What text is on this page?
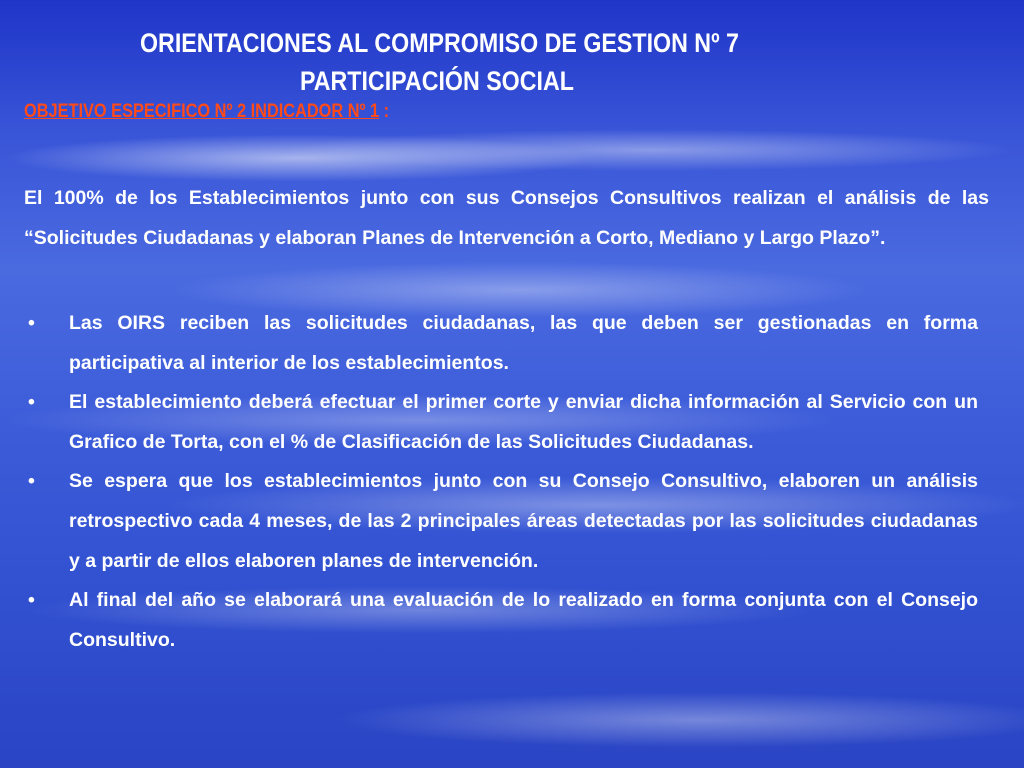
ORIENTACIONES AL COMPROMISO DE GESTION Nº 7
PARTICIPACIÓN SOCIAL
OBJETIVO ESPECIFICO Nº 2 INDICADOR Nº 1 :
El 100% de los Establecimientos junto con sus Consejos Consultivos realizan el análisis de las “Solicitudes Ciudadanas y elaboran Planes de Intervención a Corto, Mediano y Largo Plazo”.
•	Las OIRS reciben las solicitudes ciudadanas, las que deben ser gestionadas en forma participativa al interior de los establecimientos.
•	El establecimiento deberá efectuar el primer corte y enviar dicha información al Servicio con un Grafico de Torta, con el % de Clasificación de las Solicitudes Ciudadanas.
•	Se espera que los establecimientos junto con su Consejo Consultivo, elaboren un análisis retrospectivo cada 4 meses, de las 2 principales áreas detectadas por las solicitudes ciudadanas y a partir de ellos elaboren planes de intervención.
•	Al final del año se elaborará una evaluación de lo realizado en forma conjunta con el Consejo Consultivo.
